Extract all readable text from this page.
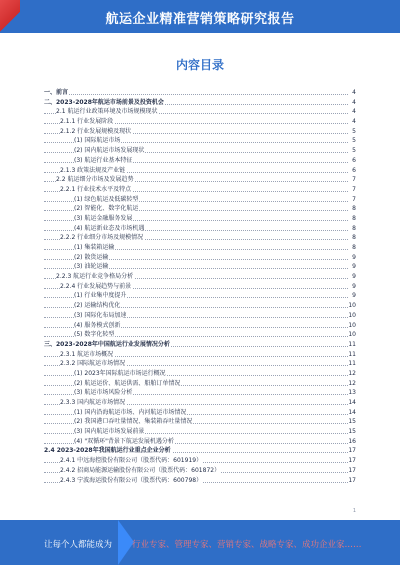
航运企业精准营销策略研究报告
内容目录
一、前言	4
二、2023-2028年航运市场前景及投资机会	4
2.1 航运行业政策环境及市场规模现状	4
2.1.1 行业发展阶段	4
2.1.2 行业发展规模及现状	5
(1) 国际航运市场	5
(2) 国内航运市场发展现状	5
(3) 航运行业基本特征	6
2.1.3 政策法规及产业链	6
2.2 航运细分市场及发展趋势	7
2.2.1 行业技术水平及特点	7
(1) 绿色航运及低碳转型	7
(2) 智能化、数字化航运	8
(3) 航运金融服务发展	8
(4) 航运新业态及市场机遇	8
2.2.2 行业细分市场及规模情况	8
(1) 集装箱运输	8
(2) 散货运输	9
(3) 油轮运输	9
2.2.3 航运行业竞争格局分析	9
2.2.4 行业发展趋势与前景	9
(1) 行业集中度提升	9
(2) 运输结构优化	10
(3) 国际化布局加速	10
(4) 服务模式创新	10
(5) 数字化转型	10
三、2023-2028年中国航运行业发展情况分析	11
2.3.1 航运市场概况	11
2.3.2 国际航运市场情况	11
(1) 2023年国际航运市场运行概况	12
(2) 航运运价、航运供需、船舶订单情况	12
(3) 航运市场风险分析	13
2.3.3 国内航运市场情况	14
(1) 国内沿海航运市场、内河航运市场情况	14
(2) 我国港口吞吐量情况、集装箱吞吐量情况	15
(3) 国内航运市场发展前景	15
(4) "双循环"背景下航运发展机遇分析	16
2.4 2023-2028年我国航运行业重点企业分析	17
2.4.1 中远海控股份有限公司（股票代码：601919）	17
2.4.2 招商局能源运输股份有限公司（股票代码：601872）	17
2.4.3 宁波海运股份有限公司（股票代码：600798）	17
1
让每个人都能成为 行业专家、管理专家、营销专家、战略专家、成功企业家……
